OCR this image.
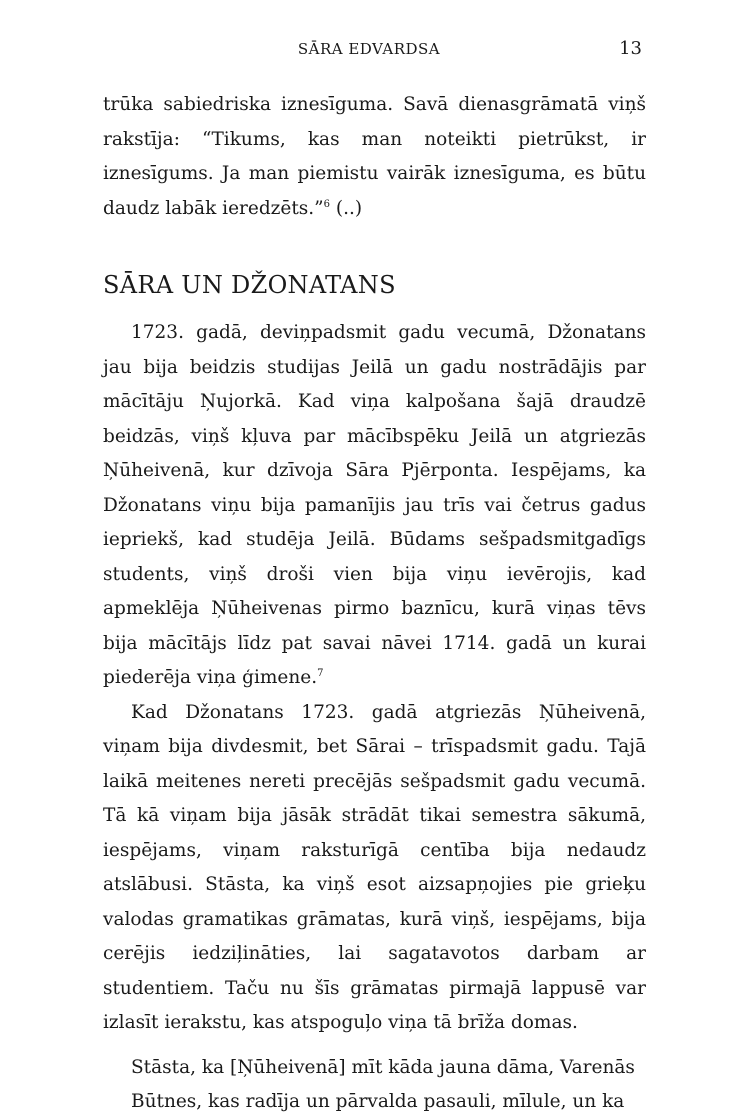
SĀRA EDVARDSA	13

trūka sabiedriska iznesīguma. Savā dienasgrāmatā viņš rakstīja: “Tikums, kas man noteikti pietrūkst, ir iznesīgums. Ja man piemistu vairāk iznesīguma, es būtu daudz labāk ieredzēts.”$^6$ (..)

SĀRA UN DŽONATANS

1723. gadā, deviņpadsmit gadu vecumā, Džonatans jau bija beidzis studijas Jeilā un gadu nostrādājis par mācītāju Ņujorkā. Kad viņa kalpošana šajā draudzē beidzās, viņš kļuva par mācībspēku Jeilā un atgriezās Ņūheivenā, kur dzīvoja Sāra Pjērponta. Iespējams, ka Džonatans viņu bija pamanījis jau trīs vai četrus gadus iepriekš, kad studēja Jeilā. Būdams sešpadsmitgadīgs students, viņš droši vien bija viņu ievērojis, kad apmeklēja Ņūheivenas pirmo baznīcu, kurā viņas tēvs bija mācītājs līdz pat savai nāvei 1714. gadā un kurai piederēja viņa ģimene.$^7$

Kad Džonatans 1723. gadā atgriezās Ņūheivenā, viņam bija divdesmit, bet Sārai – trīspadsmit gadu. Tajā laikā meitenes nereti precējās sešpadsmit gadu vecumā. Tā kā viņam bija jāsāk strādāt tikai semestra sākumā, iespējams, viņam raksturīgā centība bija nedaudz atslābusi. Stāsta, ka viņš esot aizsapņojies pie grieķu valodas gramatikas grāmatas, kurā viņš, iespējams, bija cerējis iedziļināties, lai sagatavotos darbam ar studentiem. Taču nu šīs grāmatas pirmajā lappusē var izlasīt ierakstu, kas atspoguļo viņa tā brīža domas.

Stāsta, ka [Ņūheivenā] mīt kāda jauna dāma, Varenās Būtnes, kas radīja un pārvalda pasauli, mīlule, un ka
